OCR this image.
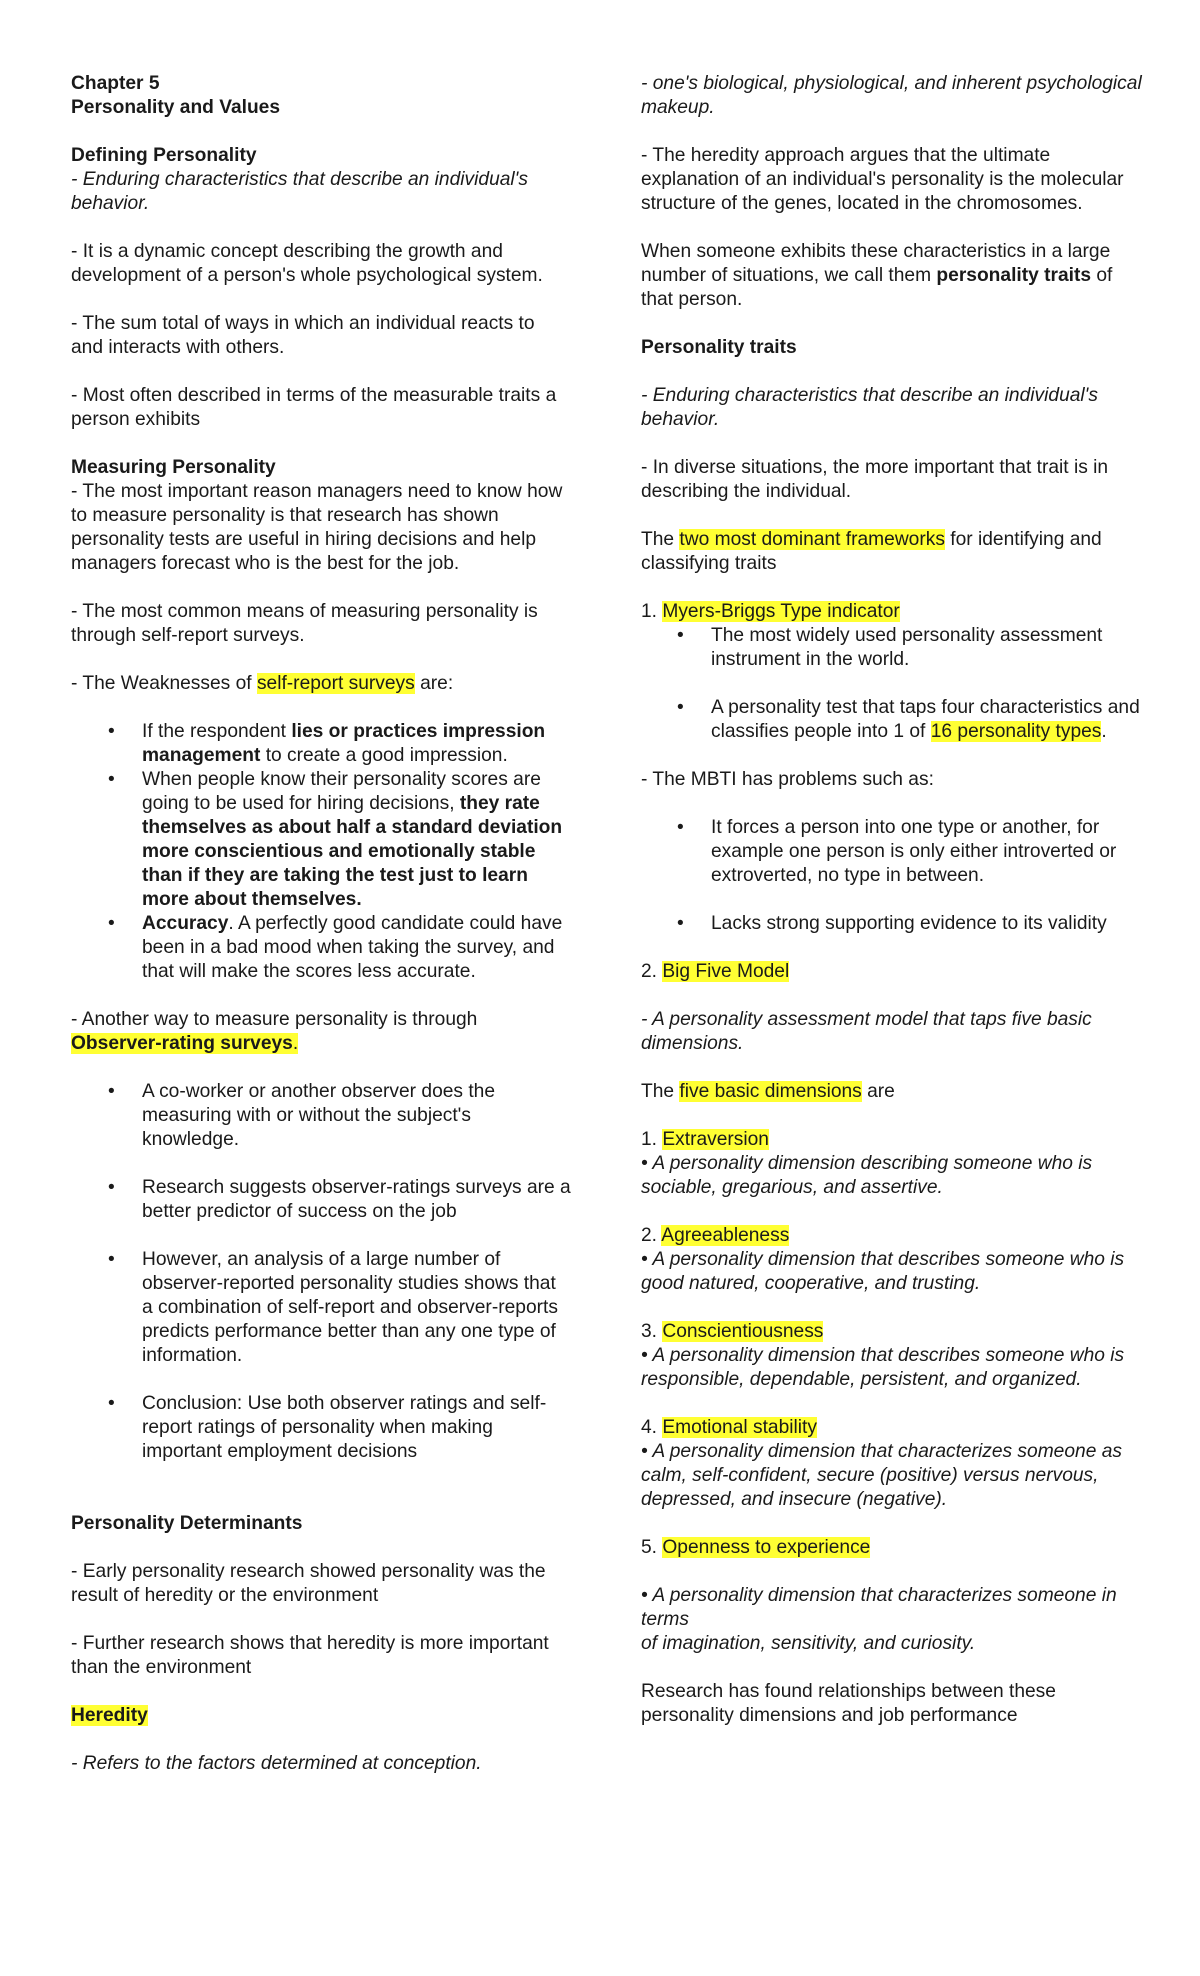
Chapter 5

Personality and Values

Defining Personality

- Enduring characteristics that describe an individual's behavior.

- It is a dynamic concept describing the growth and development of a person's whole psychological system.

- The sum total of ways in which an individual reacts to and interacts with others.

- Most often described in terms of the measurable traits a person exhibits

Measuring Personality

- The most important reason managers need to know how to measure personality is that research has shown personality tests are useful in hiring decisions and help managers forecast who is the best for the job.

- The most common means of measuring personality is through self-report surveys.

- The Weaknesses of self-report surveys are:

• If the respondent lies or practices impression management to create a good impression.
• When people know their personality scores are going to be used for hiring decisions, they rate themselves as about half a standard deviation more conscientious and emotionally stable than if they are taking the test just to learn more about themselves.
• Accuracy. A perfectly good candidate could have been in a bad mood when taking the survey, and that will make the scores less accurate.

- Another way to measure personality is through Observer-rating surveys.

• A co-worker or another observer does the measuring with or without the subject's knowledge.
• Research suggests observer-ratings surveys are a better predictor of success on the job
• However, an analysis of a large number of observer-reported personality studies shows that a combination of self-report and observer-reports predicts performance better than any one type of information.
• Conclusion: Use both observer ratings and self-report ratings of personality when making important employment decisions

Personality Determinants

- Early personality research showed personality was the result of heredity or the environment

- Further research shows that heredity is more important than the environment

Heredity

- Refers to the factors determined at conception.

- one's biological, physiological, and inherent psychological makeup.

- The heredity approach argues that the ultimate explanation of an individual's personality is the molecular structure of the genes, located in the chromosomes.

When someone exhibits these characteristics in a large number of situations, we call them personality traits of that person.

Personality traits

- Enduring characteristics that describe an individual's behavior.

- In diverse situations, the more important that trait is in describing the individual.

The two most dominant frameworks for identifying and classifying traits

1. Myers-Briggs Type indicator

• The most widely used personality assessment instrument in the world.
• A personality test that taps four characteristics and classifies people into 1 of 16 personality types.

- The MBTI has problems such as:

• It forces a person into one type or another, for example one person is only either introverted or extroverted, no type in between.
• Lacks strong supporting evidence to its validity

2. Big Five Model

- A personality assessment model that taps five basic dimensions.

The five basic dimensions are

1. Extraversion

• A personality dimension describing someone who is sociable, gregarious, and assertive.

2. Agreeableness

• A personality dimension that describes someone who is good natured, cooperative, and trusting.

3. Conscientiousness

• A personality dimension that describes someone who is responsible, dependable, persistent, and organized.

4. Emotional stability

• A personality dimension that characterizes someone as calm, self-confident, secure (positive) versus nervous, depressed, and insecure (negative).

5. Openness to experience

• A personality dimension that characterizes someone in terms

of imagination, sensitivity, and curiosity.

Research has found relationships between these personality dimensions and job performance
